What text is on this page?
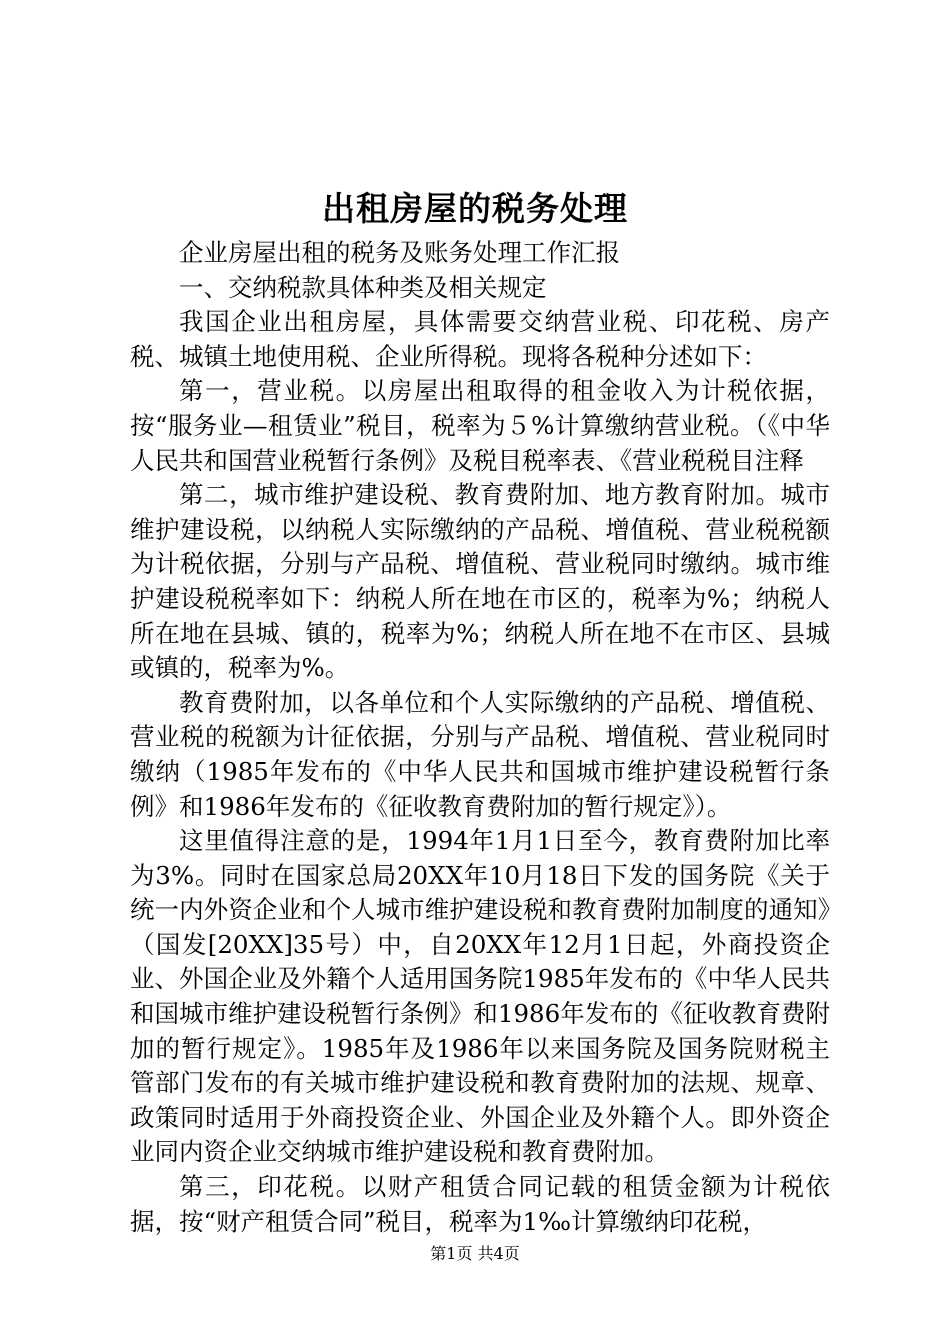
出租房屋的税务处理

企业房屋出租的税务及账务处理工作汇报

一、交纳税款具体种类及相关规定

我国企业出租房屋，具体需要交纳营业税、印花税、房产税、城镇土地使用税、企业所得税。现将各税种分述如下：

第一，营业税。以房屋出租取得的租金收入为计税依据，按“服务业—租赁业”税目，税率为５%计算缴纳营业税。（《中华人民共和国营业税暂行条例》及税目税率表、《营业税税目注释

第二，城市维护建设税、教育费附加、地方教育附加。城市维护建设税，以纳税人实际缴纳的产品税、增值税、营业税税额为计税依据，分别与产品税、增值税、营业税同时缴纳。城市维护建设税税率如下：纳税人所在地在市区的，税率为%；纳税人所在地在县城、镇的，税率为%；纳税人所在地不在市区、县城或镇的，税率为%。

教育费附加，以各单位和个人实际缴纳的产品税、增值税、营业税的税额为计征依据，分别与产品税、增值税、营业税同时缴纳（1985年发布的《中华人民共和国城市维护建设税暂行条例》和1986年发布的《征收教育费附加的暂行规定》）。

这里值得注意的是，1994年1月1日至今，教育费附加比率为3%。同时在国家总局20XX年10月18日下发的国务院《关于统一内外资企业和个人城市维护建设税和教育费附加制度的通知》（国发[20XX]35号）中，自20XX年12月1日起，外商投资企业、外国企业及外籍个人适用国务院1985年发布的《中华人民共和国城市维护建设税暂行条例》和1986年发布的《征收教育费附加的暂行规定》。1985年及1986年以来国务院及国务院财税主管部门发布的有关城市维护建设税和教育费附加的法规、规章、政策同时适用于外商投资企业、外国企业及外籍个人。即外资企业同内资企业交纳城市维护建设税和教育费附加。

第三，印花税。以财产租赁合同记载的租赁金额为计税依据，按“财产租赁合同”税目，税率为1‰计算缴纳印花税，

第1页 共4页
